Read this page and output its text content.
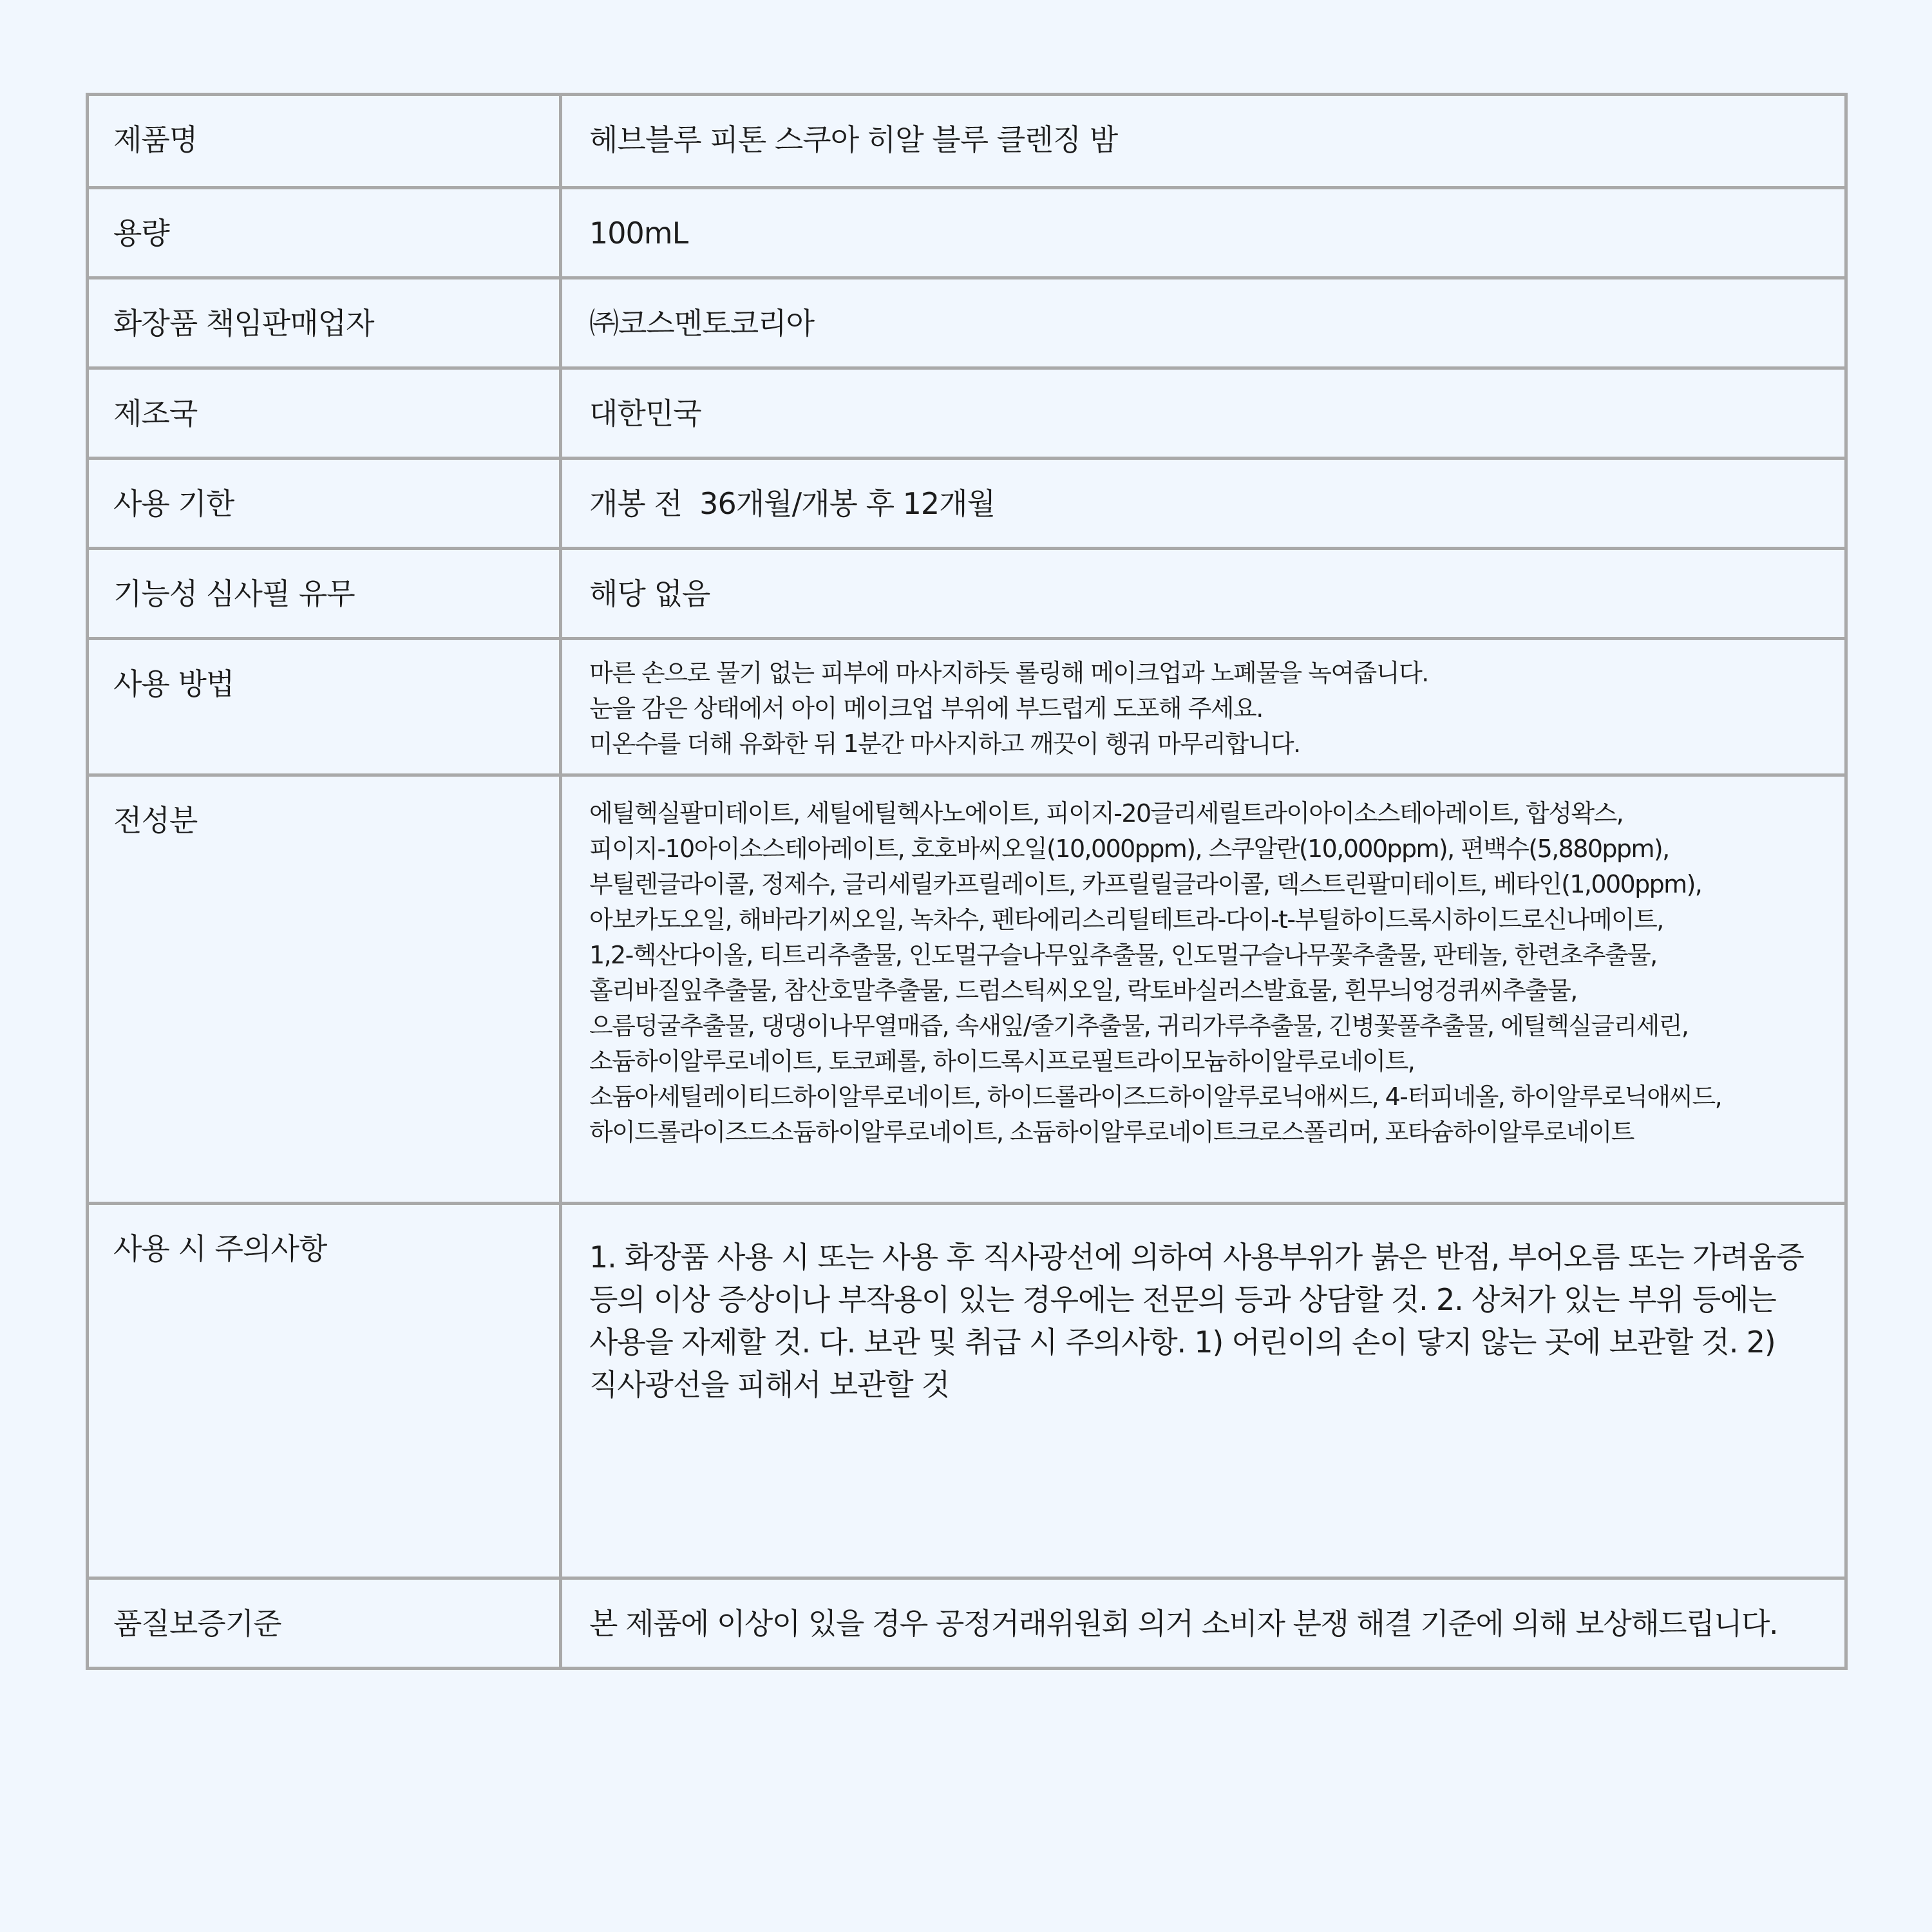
제품명	헤브블루 피톤 스쿠아 히알 블루 클렌징 밤
용량	100mL
화장품 책임판매업자	㈜코스멘토코리아
제조국	대한민국
사용 기한	개봉 전  36개월/개봉 후 12개월
기능성 심사필 유무	해당 없음
사용 방법	마른 손으로 물기 없는 피부에 마사지하듯 롤링해 메이크업과 노폐물을 녹여줍니다.
눈을 감은 상태에서 아이 메이크업 부위에 부드럽게 도포해 주세요.
미온수를 더해 유화한 뒤 1분간 마사지하고 깨끗이 헹궈 마무리합니다.
전성분	에틸헥실팔미테이트, 세틸에틸헥사노에이트, 피이지-20글리세릴트라이아이소스테아레이트, 합성왁스,
피이지-10아이소스테아레이트, 호호바씨오일(10,000ppm), 스쿠알란(10,000ppm), 편백수(5,880ppm),
부틸렌글라이콜, 정제수, 글리세릴카프릴레이트, 카프릴릴글라이콜, 덱스트린팔미테이트, 베타인(1,000ppm),
아보카도오일, 해바라기씨오일, 녹차수, 펜타에리스리틸테트라-다이-t-부틸하이드록시하이드로신나메이트,
1,2-헥산다이올, 티트리추출물, 인도멀구슬나무잎추출물, 인도멀구슬나무꽃추출물, 판테놀, 한련초추출물,
홀리바질잎추출물, 참산호말추출물, 드럼스틱씨오일, 락토바실러스발효물, 흰무늬엉겅퀴씨추출물,
으름덩굴추출물, 댕댕이나무열매즙, 속새잎/줄기추출물, 귀리가루추출물, 긴병꽃풀추출물, 에틸헥실글리세린,
소듐하이알루로네이트, 토코페롤, 하이드록시프로필트라이모늄하이알루로네이트,
소듐아세틸레이티드하이알루로네이트, 하이드롤라이즈드하이알루로닉애씨드, 4-터피네올, 하이알루로닉애씨드,
하이드롤라이즈드소듐하이알루로네이트, 소듐하이알루로네이트크로스폴리머, 포타슘하이알루로네이트
사용 시 주의사항	1. 화장품 사용 시 또는 사용 후 직사광선에 의하여 사용부위가 붉은 반점, 부어오름 또는 가려움증
등의 이상 증상이나 부작용이 있는 경우에는 전문의 등과 상담할 것. 2. 상처가 있는 부위 등에는
사용을 자제할 것. 다. 보관 및 취급 시 주의사항. 1) 어린이의 손이 닿지 않는 곳에 보관할 것. 2)
직사광선을 피해서 보관할 것
품질보증기준	본 제품에 이상이 있을 경우 공정거래위원회 의거 소비자 분쟁 해결 기준에 의해 보상해드립니다.
